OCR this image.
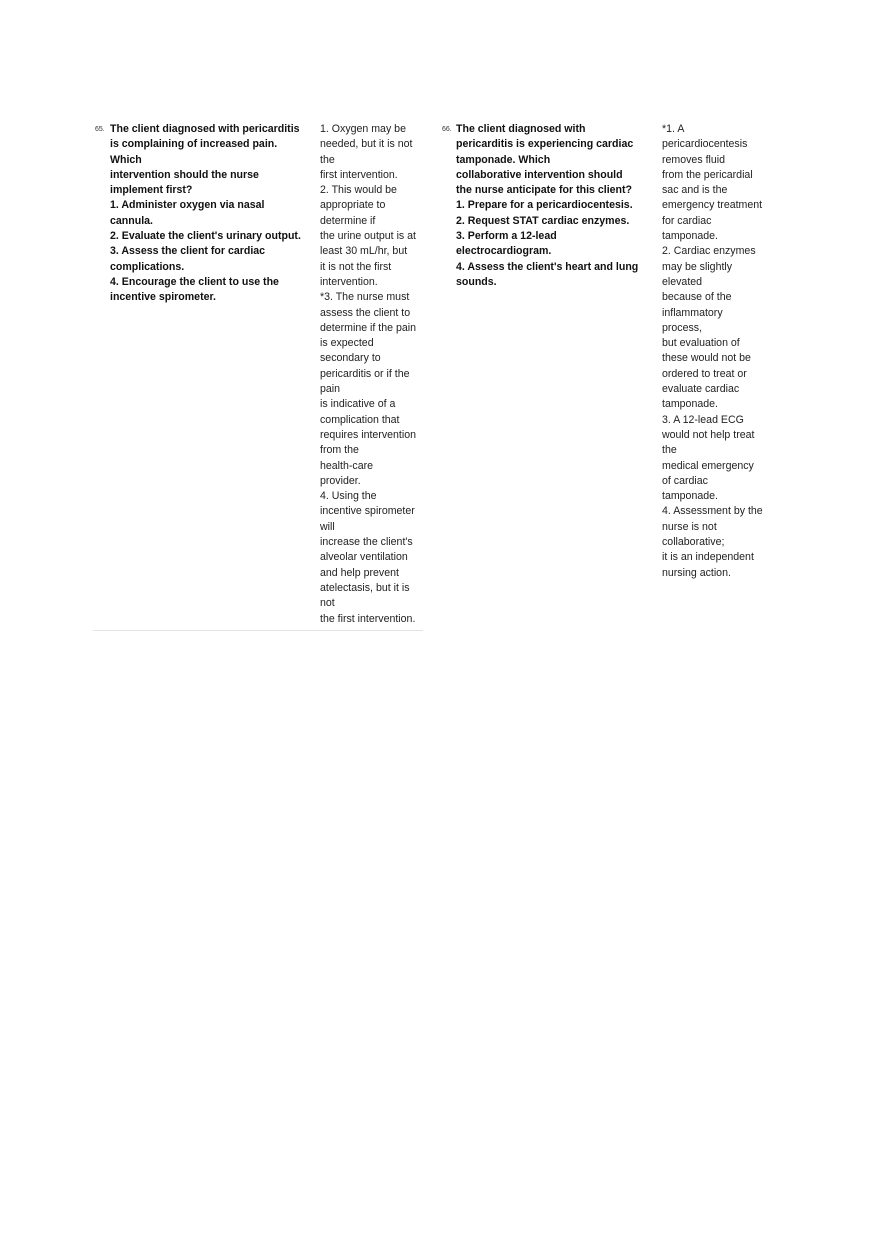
65. The client diagnosed with pericarditis
is complaining of increased pain.
Which
intervention should the nurse
implement first?
1. Administer oxygen via nasal
cannula.
2. Evaluate the client's urinary output.
3. Assess the client for cardiac
complications.
4. Encourage the client to use the
incentive spirometer.
1. Oxygen may be
needed, but it is not
the
first intervention.
2. This would be
appropriate to
determine if
the urine output is at
least 30 mL/hr, but
it is not the first
intervention.
*3. The nurse must
assess the client to
determine if the pain
is expected
secondary to
pericarditis or if the
pain
is indicative of a
complication that
requires intervention
from the
health-care
provider.
4. Using the
incentive spirometer
will
increase the client's
alveolar ventilation
and help prevent
atelectasis, but it is
not
the first intervention.
66. The client diagnosed with
pericarditis is experiencing cardiac
tamponade. Which
collaborative intervention should
the nurse anticipate for this client?
1. Prepare for a pericardiocentesis.
2. Request STAT cardiac enzymes.
3. Perform a 12-lead
electrocardiogram.
4. Assess the client's heart and lung
sounds.
*1. A
pericardiocentesis
removes fluid
from the pericardial
sac and is the
emergency treatment
for cardiac
tamponade.
2. Cardiac enzymes
may be slightly
elevated
because of the
inflammatory
process,
but evaluation of
these would not be
ordered to treat or
evaluate cardiac
tamponade.
3. A 12-lead ECG
would not help treat
the
medical emergency
of cardiac
tamponade.
4. Assessment by the
nurse is not
collaborative;
it is an independent
nursing action.
